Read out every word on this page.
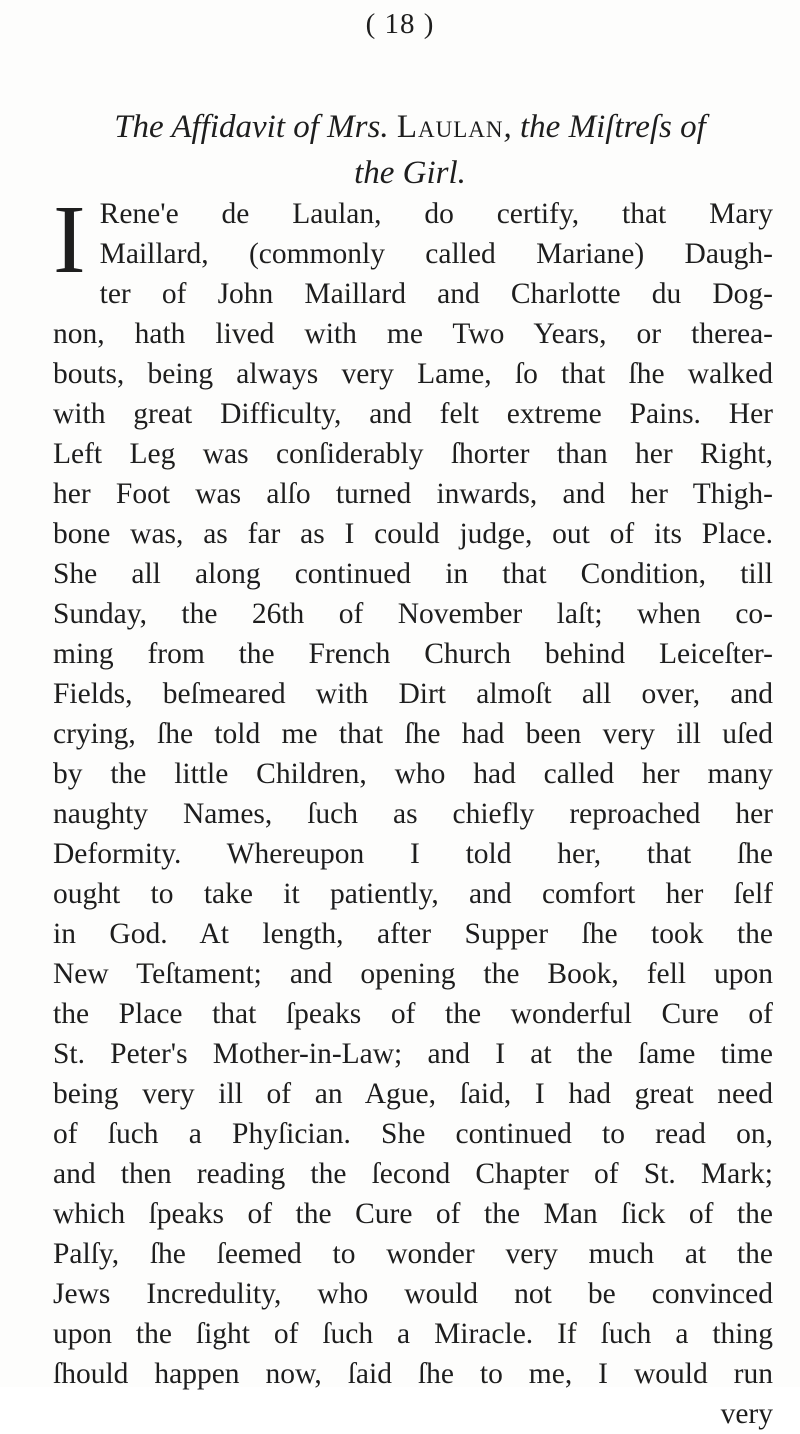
( 18 )
The Affidavit of Mrs. Laulan, the Miſtreſs of
the Girl.
I Rene'e de Laulan, do certify, that Mary
Maillard, (commonly called Mariane) Daugh-
ter of John Maillard and Charlotte du Dog-
non, hath lived with me Two Years, or therea-
bouts, being always very Lame, ſo that ſhe walked
with great Difficulty, and felt extreme Pains. Her
Left Leg was conſiderably ſhorter than her Right,
her Foot was alſo turned inwards, and her Thigh-
bone was, as far as I could judge, out of its Place.
She all along continued in that Condition, till
Sunday, the 26th of November laſt; when co-
ming from the French Church behind Leiceſter-
Fields, beſmeared with Dirt almoſt all over, and
crying, ſhe told me that ſhe had been very ill uſed
by the little Children, who had called her many
naughty Names, ſuch as chiefly reproached her
Deformity. Whereupon I told her, that ſhe
ought to take it patiently, and comfort her ſelf
in God. At length, after Supper ſhe took the
New Teſtament; and opening the Book, fell upon
the Place that ſpeaks of the wonderful Cure of
St. Peter's Mother-in-Law; and I at the ſame time
being very ill of an Ague, ſaid, I had great need
of ſuch a Phyſician. She continued to read on,
and then reading the ſecond Chapter of St. Mark;
which ſpeaks of the Cure of the Man ſick of the
Palſy, ſhe ſeemed to wonder very much at the
Jews Incredulity, who would not be convinced
upon the ſight of ſuch a Miracle. If ſuch a thing
ſhould happen now, ſaid ſhe to me, I would run
very
